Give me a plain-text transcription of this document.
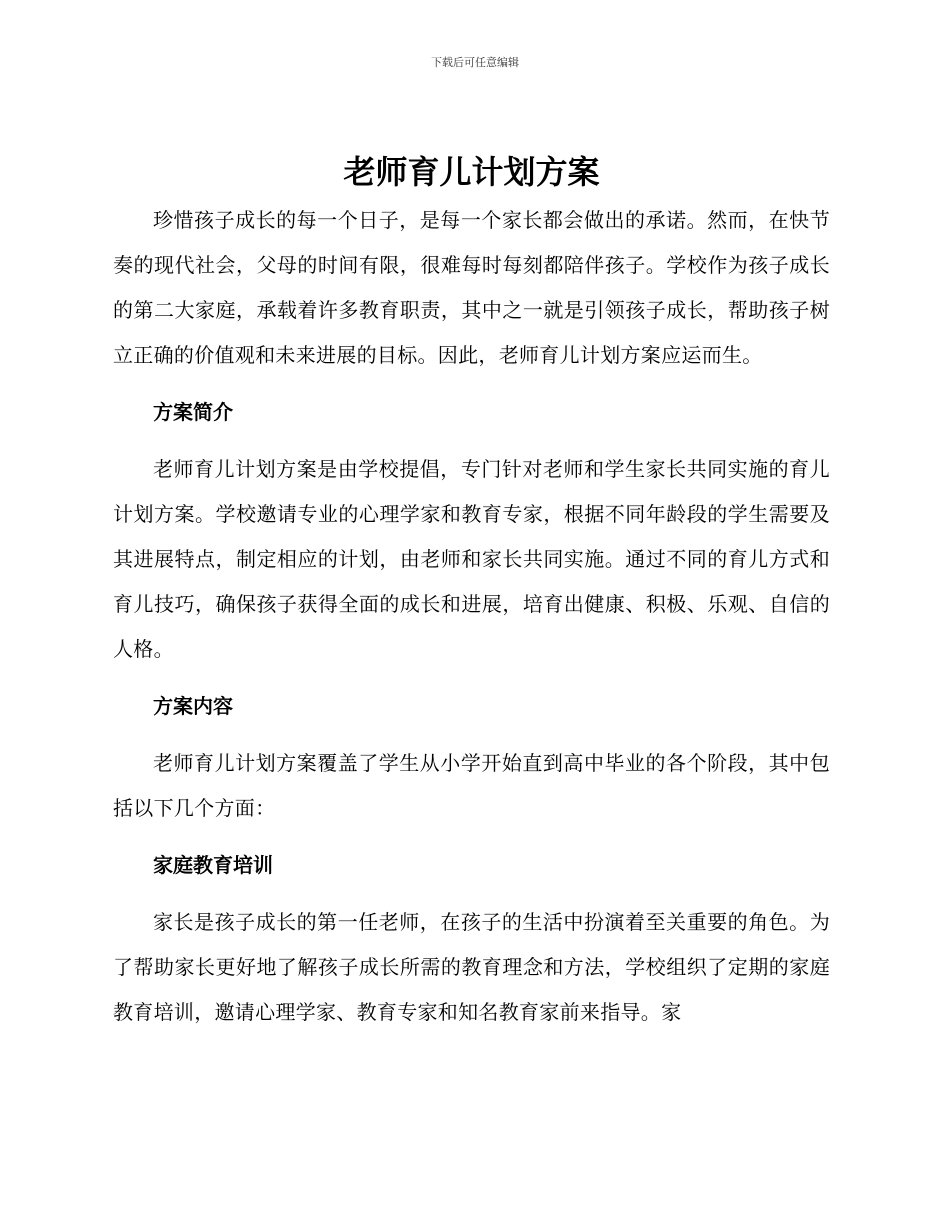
下载后可任意编辑
老师育儿计划方案

珍惜孩子成长的每一个日子，是每一个家长都会做出的承诺。然而，在快节奏的现代社会，父母的时间有限，很难每时每刻都陪伴孩子。学校作为孩子成长的第二大家庭，承载着许多教育职责，其中之一就是引领孩子成长，帮助孩子树立正确的价值观和未来进展的目标。因此，老师育儿计划方案应运而生。

方案简介

老师育儿计划方案是由学校提倡，专门针对老师和学生家长共同实施的育儿计划方案。学校邀请专业的心理学家和教育专家，根据不同年龄段的学生需要及其进展特点，制定相应的计划，由老师和家长共同实施。通过不同的育儿方式和育儿技巧，确保孩子获得全面的成长和进展，培育出健康、积极、乐观、自信的人格。

方案内容

老师育儿计划方案覆盖了学生从小学开始直到高中毕业的各个阶段，其中包括以下几个方面：

家庭教育培训

家长是孩子成长的第一任老师，在孩子的生活中扮演着至关重要的角色。为了帮助家长更好地了解孩子成长所需的教育理念和方法，学校组织了定期的家庭教育培训，邀请心理学家、教育专家和知名教育家前来指导。家
